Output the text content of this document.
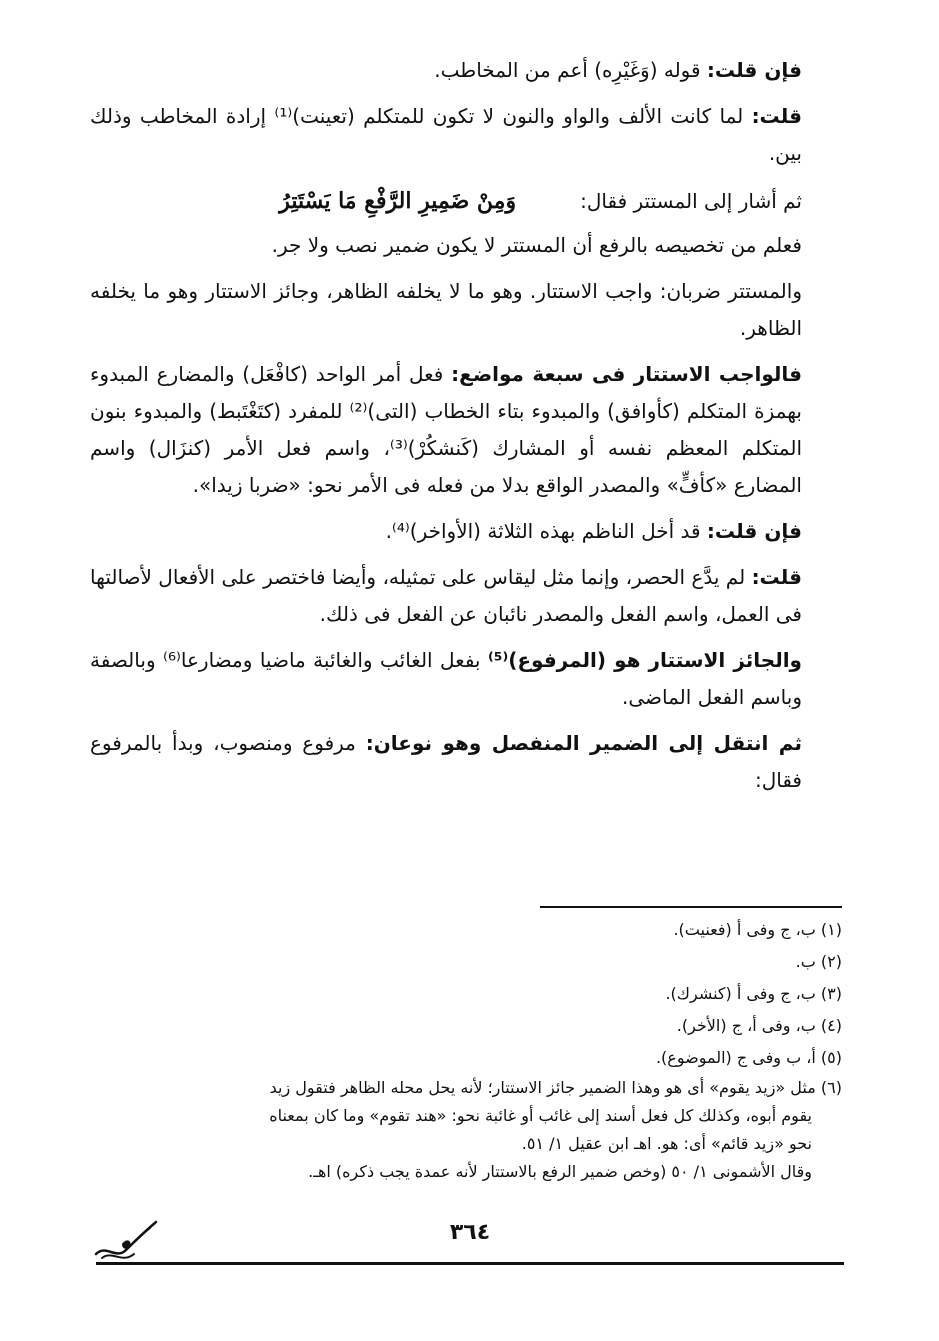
فإن قلت: قوله (وَغَيْرِه) أعم من المخاطب.

قلت: لما كانت الألف والواو والنون لا تكون للمتكلم (تعينت)⁽¹⁾ إرادة المخاطب وذلك بين.

ثم أشار إلى المستتر فقال:
وَمِنْ ضَمِيرِ الرَّفْعِ مَا يَسْتَتِرُ

فعلم من تخصيصه بالرفع أن المستتر لا يكون ضمير نصب ولا جر.

والمستتر ضربان: واجب الاستتار. وهو ما لا يخلفه الظاهر، وجائز الاستتار وهو ما يخلفه الظاهر.

فالواجب الاستتار فى سبعة مواضع: فعل أمر الواحد (كافْعَل) والمضارع المبدوء بهمزة المتكلم (كأوافق) والمبدوء بتاء الخطاب (التى)⁽²⁾ للمفرد (كتَغْتَبط) والمبدوء بنون المتكلم المعظم نفسه أو المشارك (كَنشكُرْ)⁽³⁾، واسم فعل الأمر (كنزَال) واسم المضارع «كأفٍّ» والمصدر الواقع بدلا من فعله فى الأمر نحو: «ضربا زيدا».

فإن قلت: قد أخل الناظم بهذه الثلاثة (الأواخر)⁽⁴⁾.

قلت: لم يدَّع الحصر، وإنما مثل ليقاس على تمثيله، وأيضا فاختصر على الأفعال لأصالتها فى العمل، واسم الفعل والمصدر نائبان عن الفعل فى ذلك.

والجائز الاستتار هو (المرفوع)⁽⁵⁾ بفعل الغائب والغائبة ماضيا ومضارعا⁽⁶⁾ وبالصفة وباسم الفعل الماضى.

ثم انتقل إلى الضمير المنفصل وهو نوعان: مرفوع ومنصوب، وبدأ بالمرفوع فقال:

(١) ب، ج وفى أ (فعنيت).

(٢) ب.

(٣) ب، ج وفى أ (كنشرك).

(٤) ب، وفى أ، ج (الأخر).

(٥) أ، ب وفى ج (الموضوع).

(٦) مثل «زيد يقوم» أى هو وهذا الضمير جائز الاستتار؛ لأنه يحل محله الظاهر فتقول زيد

يقوم أبوه، وكذلك كل فعل أسند إلى غائب أو غائبة نحو: «هند تقوم» وما كان بمعناه

نحو «زيد قائم» أى: هو. اهـ ابن عقيل ١/ ٥١.

وقال الأشمونى ١/ ٥٠ (وخص ضمير الرفع بالاستتار لأنه عمدة يجب ذكره) اهـ.

٣٦٤
